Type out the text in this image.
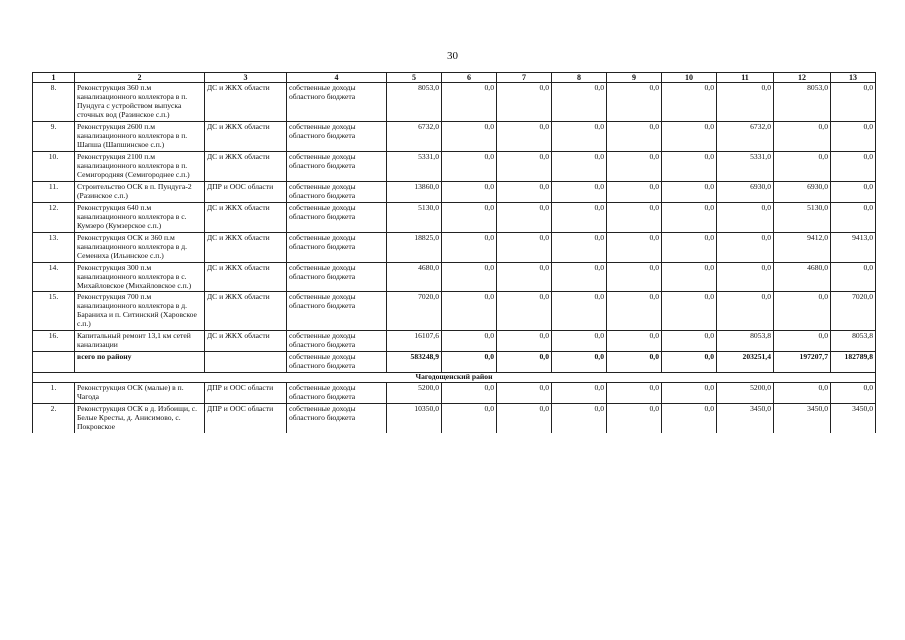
30
1	2	3	4	5	6	7	8	9	10	11	12	13
8.	Реконструкция 360 п.м канализационного коллектора в п. Пундуга с устройством выпуска сточных вод (Разинское с.п.)	ДС и ЖКХ области	собственные доходы областного бюджета	8053,0	0,0	0,0	0,0	0,0	0,0	0,0	8053,0	0,0
9.	Реконструкция 2600 п.м канализационного коллектора в п. Шапша (Шапшинское с.п.)	ДС и ЖКХ области	собственные доходы областного бюджета	6732,0	0,0	0,0	0,0	0,0	0,0	6732,0	0,0	0,0
10.	Реконструкция 2100 п.м канализационного коллектора в п. Семигородняя (Семигороднее с.п.)	ДС и ЖКХ области	собственные доходы областного бюджета	5331,0	0,0	0,0	0,0	0,0	0,0	5331,0	0,0	0,0
11.	Строительство ОСК в п. Пундуга-2 (Разинское с.п.)	ДПР и ООС области	собственные доходы областного бюджета	13860,0	0,0	0,0	0,0	0,0	0,0	6930,0	6930,0	0,0
12.	Реконструкция 640 п.м канализационного коллектора в с. Кумзеро (Кумзерское с.п.)	ДС и ЖКХ области	собственные доходы областного бюджета	5130,0	0,0	0,0	0,0	0,0	0,0	0,0	5130,0	0,0
13.	Реконструкция ОСК и 360 п.м канализационного коллектора в д. Семениха (Ильинское с.п.)	ДС и ЖКХ области	собственные доходы областного бюджета	18825,0	0,0	0,0	0,0	0,0	0,0	0,0	9412,0	9413,0
14.	Реконструкция 300 п.м канализационного коллектора в с. Михайловское (Михайловское с.п.)	ДС и ЖКХ области	собственные доходы областного бюджета	4680,0	0,0	0,0	0,0	0,0	0,0	0,0	4680,0	0,0
15.	Реконструкция 700 п.м канализационного коллектора в д. Бараниха и п. Ситинский (Харовское с.п.)	ДС и ЖКХ области	собственные доходы областного бюджета	7020,0	0,0	0,0	0,0	0,0	0,0	0,0	0,0	7020,0
16.	Капитальный ремонт 13,1 км сетей канализации	ДС и ЖКХ области	собственные доходы областного бюджета	16107,6	0,0	0,0	0,0	0,0	0,0	8053,8	0,0	8053,8
	всего по району		собственные доходы областного бюджета	583248,9	0,0	0,0	0,0	0,0	0,0	203251,4	197207,7	182789,8
Чагодощенский район												
1.	Реконструкция ОСК (малые) в п. Чагода	ДПР и ООС области	собственные доходы областного бюджета	5200,0	0,0	0,0	0,0	0,0	0,0	5200,0	0,0	0,0
2.	Реконструкция ОСК в д. Избоищи, с. Белые Кресты, д. Анисимово, с. Покровское	ДПР и ООС области	собственные доходы областного бюджета	10350,0	0,0	0,0	0,0	0,0	0,0	3450,0	3450,0	3450,0
